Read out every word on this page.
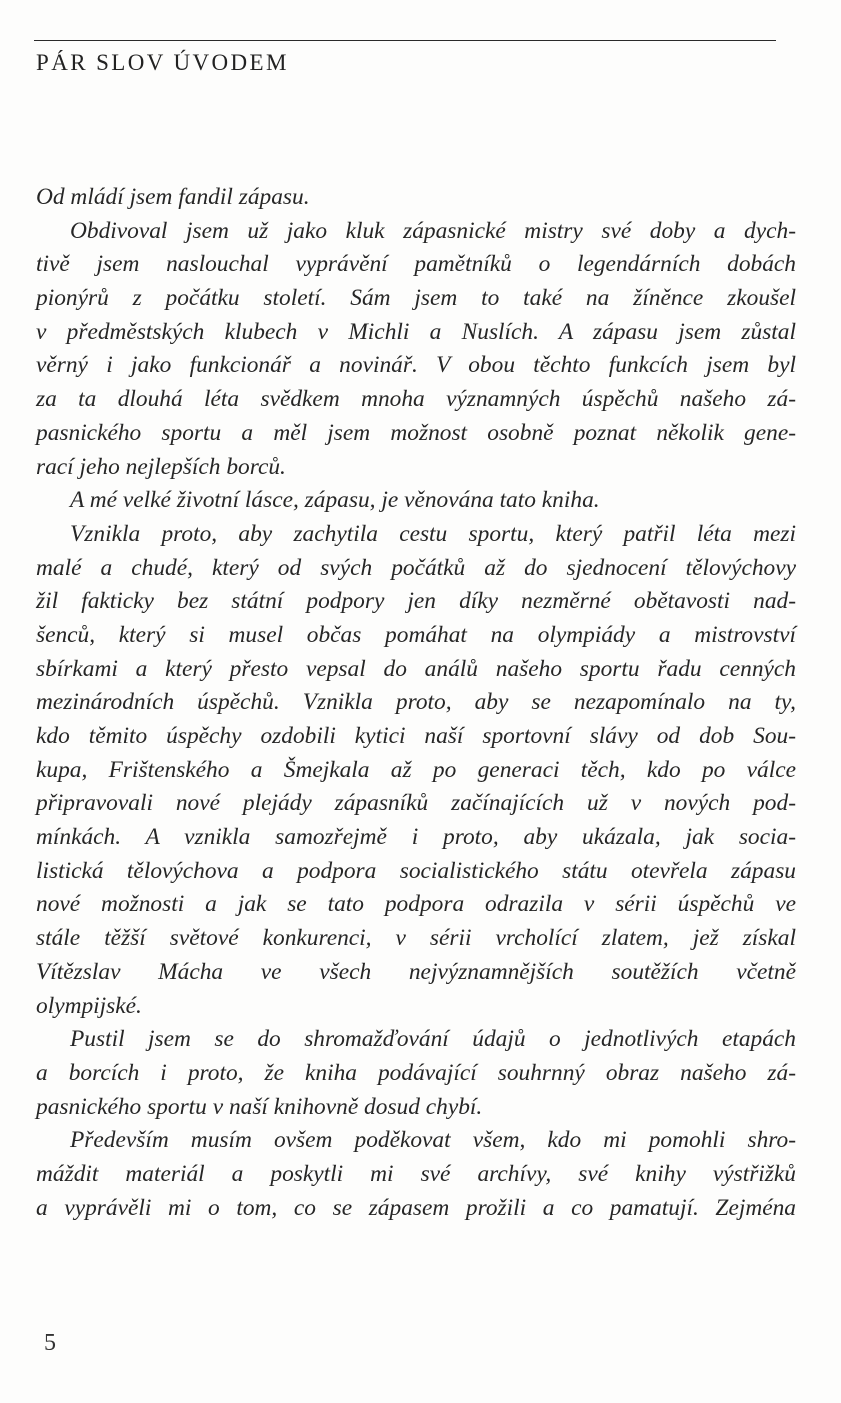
PÁR SLOV ÚVODEM
Od mládí jsem fandil zápasu.
Obdivoval jsem už jako kluk zápasnické mistry své doby a dych-
tivě jsem naslouchal vyprávění pamětníků o legendárních dobách
pionýrů z počátku století. Sám jsem to také na žíněnce zkoušel
v předměstských klubech v Michli a Nuslích. A zápasu jsem zůstal
věrný i jako funkcionář a novinář. V obou těchto funkcích jsem byl
za ta dlouhá léta svědkem mnoha významných úspěchů našeho zá-
pasnického sportu a měl jsem možnost osobně poznat několik gene-
rací jeho nejlepších borců.
A mé velké životní lásce, zápasu, je věnována tato kniha.
Vznikla proto, aby zachytila cestu sportu, který patřil léta mezi
malé a chudé, který od svých počátků až do sjednocení tělovýchovy
žil fakticky bez státní podpory jen díky nezměrné obětavosti nad-
šenců, který si musel občas pomáhat na olympiády a mistrovství
sbírkami a který přesto vepsal do análů našeho sportu řadu cenných
mezinárodních úspěchů. Vznikla proto, aby se nezapomínalo na ty,
kdo těmito úspěchy ozdobili kytici naší sportovní slávy od dob Sou-
kupa, Frištenského a Šmejkala až po generaci těch, kdo po válce
připravovali nové plejády zápasníků začínajících už v nových pod-
mínkách. A vznikla samozřejmě i proto, aby ukázala, jak socia-
listická tělovýchova a podpora socialistického státu otevřela zápasu
nové možnosti a jak se tato podpora odrazila v sérii úspěchů ve
stále těžší světové konkurenci, v sérii vrcholící zlatem, jež získal
Vítězslav Mácha ve všech nejvýznamnějších soutěžích včetně
olympijské.
Pustil jsem se do shromažďování údajů o jednotlivých etapách
a borcích i proto, že kniha podávající souhrnný obraz našeho zá-
pasnického sportu v naší knihovně dosud chybí.
Především musím ovšem poděkovat všem, kdo mi pomohli shro-
máždit materiál a poskytli mi své archívy, své knihy výstřižků
a vyprávěli mi o tom, co se zápasem prožili a co pamatují. Zejména
5
